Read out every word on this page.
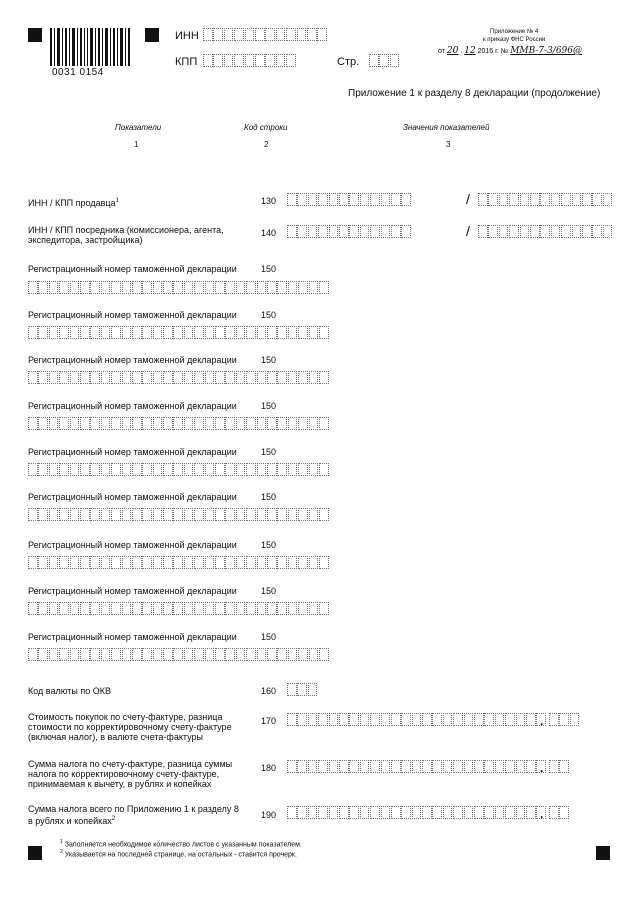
0031 0154
ИНН
КПП	Стр.
Приложение № 4
к приказу ФНС России
от 20 . 12 2016 г. № ММВ-7-3/696@
Приложение 1 к разделу 8 декларации (продолжение)
Показатели	Код строки	Значения показателей
1	2	3
ИНН / КПП продавца$^1$	130	/
ИНН / КПП посредника (комиссионера, агента,
экспедитора, застройщика)
140	/
Регистрационный номер таможенной декларации	150
Регистрационный номер таможенной декларации	150
Регистрационный номер таможенной декларации	150
Регистрационный номер таможенной декларации	150
Регистрационный номер таможенной декларации	150
Регистрационный номер таможенной декларации	150
Регистрационный номер таможенной декларации	150
Регистрационный номер таможенной декларации	150
Регистрационный номер таможенной декларации	150
Код валюты по ОКВ	160
Стоимость покупок по счету-фактуре, разница
стоимости по корректировочному счету-фактуре
(включая налог), в валюте счета-фактуры
170	.
Сумма налога по счету-фактуре, разница суммы
налога по корректировочному счету-фактуре,
принимаемая к вычету, в рублях и копейках
180	.
Сумма налога всего по Приложению 1 к разделу 8
в рублях и копейках$^2$	190	.
$^1$ Заполняется необходимое количество листов с указанным показателем.
$^2$ Указывается на последней странице, на остальных - ставится прочерк.
